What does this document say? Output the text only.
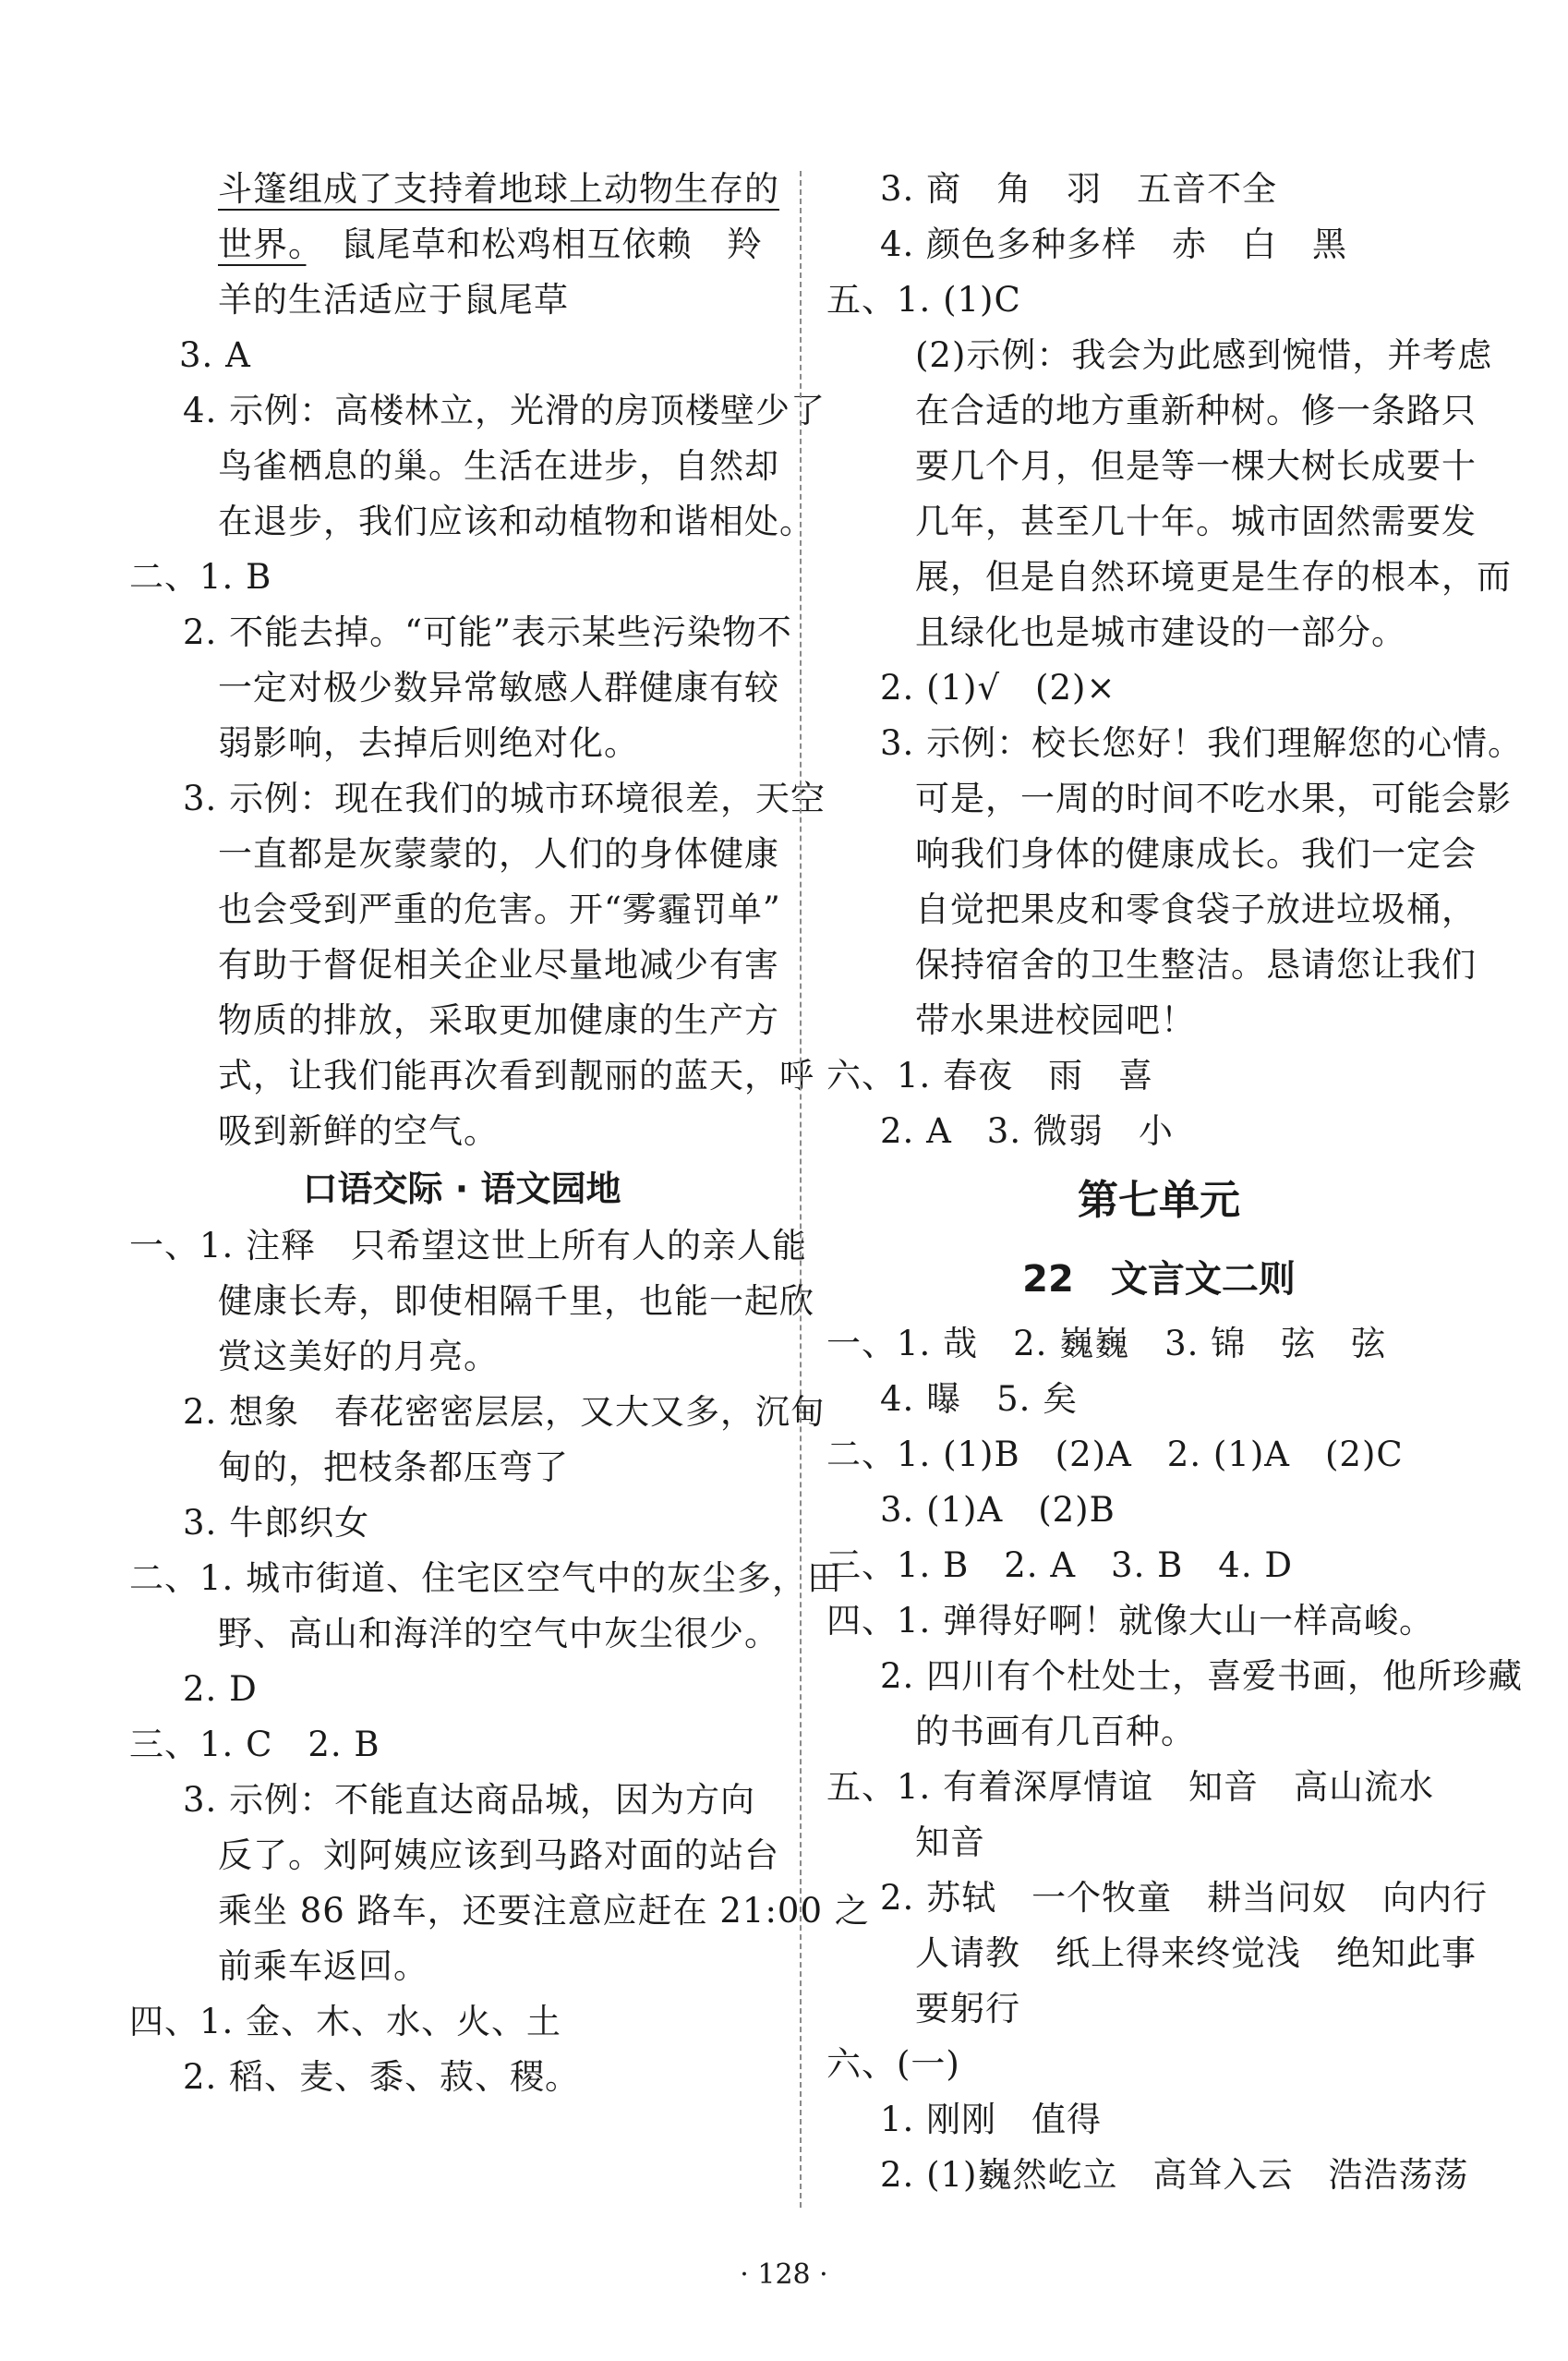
斗篷组成了支持着地球上动物生存的
世界。　鼠尾草和松鸡相互依赖　羚
羊的生活适应于鼠尾草
3. A
4. 示例：高楼林立，光滑的房顶楼壁少了
鸟雀栖息的巢。生活在进步，自然却
在退步，我们应该和动植物和谐相处。
二、1. B
2. 不能去掉。“可能”表示某些污染物不
一定对极少数异常敏感人群健康有较
弱影响，去掉后则绝对化。
3. 示例：现在我们的城市环境很差，天空
一直都是灰蒙蒙的，人们的身体健康
也会受到严重的危害。开“雾霾罚单”
有助于督促相关企业尽量地减少有害
物质的排放，采取更加健康的生产方
式，让我们能再次看到靓丽的蓝天，呼
吸到新鲜的空气。
口语交际 · 语文园地
一、1. 注释　只希望这世上所有人的亲人能
健康长寿，即使相隔千里，也能一起欣
赏这美好的月亮。
2. 想象　春花密密层层，又大又多，沉甸
甸的，把枝条都压弯了
3. 牛郎织女
二、1. 城市街道、住宅区空气中的灰尘多，田
野、高山和海洋的空气中灰尘很少。
2. D
三、1. C　2. B
3. 示例：不能直达商品城，因为方向
反了。刘阿姨应该到马路对面的站台
乘坐 86 路车，还要注意应赶在 21:00 之
前乘车返回。
四、1. 金、木、水、火、土
2. 稻、麦、黍、菽、稷。
3. 商　角　羽　五音不全
4. 颜色多种多样　赤　白　黑
五、1. (1)C
(2)示例：我会为此感到惋惜，并考虑
在合适的地方重新种树。修一条路只
要几个月，但是等一棵大树长成要十
几年，甚至几十年。城市固然需要发
展，但是自然环境更是生存的根本，而
且绿化也是城市建设的一部分。
2. (1)√　(2)×
3. 示例：校长您好！我们理解您的心情。
可是，一周的时间不吃水果，可能会影
响我们身体的健康成长。我们一定会
自觉把果皮和零食袋子放进垃圾桶，
保持宿舍的卫生整洁。恳请您让我们
带水果进校园吧！
六、1. 春夜　雨　喜
2. A　3. 微弱　小
第七单元
22　文言文二则
一、1. 哉　2. 巍巍　3. 锦　弦　弦
4. 曝　5. 矣
二、1. (1)B　(2)A　2. (1)A　(2)C
3. (1)A　(2)B
三、1. B　2. A　3. B　4. D
四、1. 弹得好啊！就像大山一样高峻。
2. 四川有个杜处士，喜爱书画，他所珍藏
的书画有几百种。
五、1. 有着深厚情谊　知音　高山流水
知音
2. 苏轼　一个牧童　耕当问奴　向内行
人请教　纸上得来终觉浅　绝知此事
要躬行
六、(一)
1. 刚刚　值得
2. (1)巍然屹立　高耸入云　浩浩荡荡
· 128 ·
